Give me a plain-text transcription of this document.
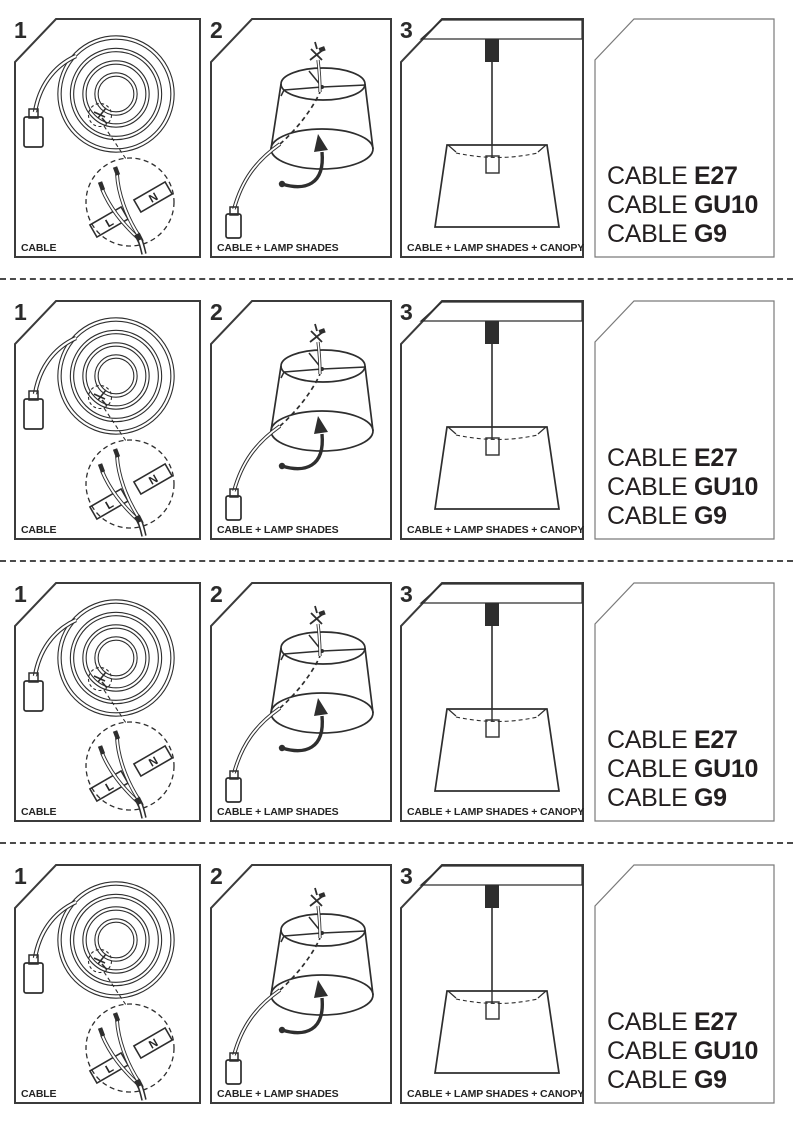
L
N
1
CABLE
2
CABLE + LAMP SHADES
3
CABLE + LAMP SHADES + CANOPY
CABLE E27
CABLE GU10
CABLE G9
L
N
1
CABLE
2
CABLE + LAMP SHADES
3
CABLE + LAMP SHADES + CANOPY
CABLE E27
CABLE GU10
CABLE G9
L
N
1
CABLE
2
CABLE + LAMP SHADES
3
CABLE + LAMP SHADES + CANOPY
CABLE E27
CABLE GU10
CABLE G9
L
N
1
CABLE
2
CABLE + LAMP SHADES
3
CABLE + LAMP SHADES + CANOPY
CABLE E27
CABLE GU10
CABLE G9
